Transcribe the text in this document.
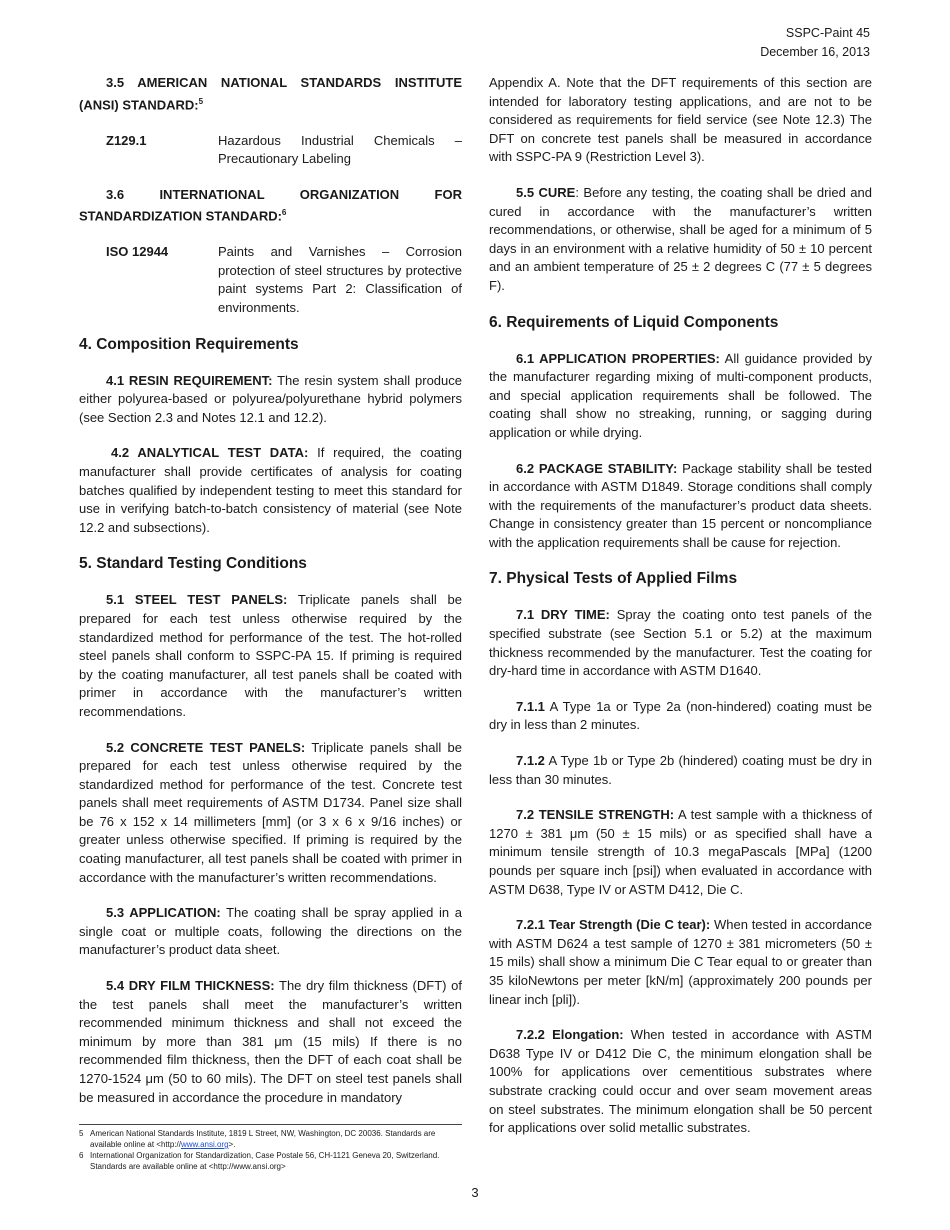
SSPC-Paint 45
December 16, 2013

3.5 AMERICAN NATIONAL STANDARDS INSTITUTE (ANSI) STANDARD:$^5$

Z129.1	Hazardous Industrial Chemicals – Precautionary Labeling

3.6 INTERNATIONAL ORGANIZATION FOR STANDARDIZATION STANDARD:$^6$

ISO 12944	Paints and Varnishes – Corrosion protection of steel structures by protective paint systems Part 2: Classification of environments.
4. Composition Requirements

4.1 RESIN REQUIREMENT: The resin system shall produce either polyurea-based or polyurea/polyurethane hybrid polymers (see Section 2.3 and Notes 12.1 and 12.2).

4.2 ANALYTICAL TEST DATA: If required, the coating manufacturer shall provide certificates of analysis for coating batches qualified by independent testing to meet this standard for use in verifying batch-to-batch consistency of material (see Note 12.2 and subsections).

5. Standard Testing Conditions

5.1 STEEL TEST PANELS: Triplicate panels shall be prepared for each test unless otherwise required by the standardized method for performance of the test. The hot-rolled steel panels shall conform to SSPC-PA 15. If priming is required by the coating manufacturer, all test panels shall be coated with primer in accordance with the manufacturer’s written recommendations.

5.2 CONCRETE TEST PANELS: Triplicate panels shall be prepared for each test unless otherwise required by the standardized method for performance of the test. Concrete test panels shall meet requirements of ASTM D1734. Panel size shall be 76 x 152 x 14 millimeters [mm] (or 3 x 6 x 9/16 inches) or greater unless otherwise specified. If priming is required by the coating manufacturer, all test panels shall be coated with primer in accordance with the manufacturer’s written recommendations.

5.3 APPLICATION: The coating shall be spray applied in a single coat or multiple coats, following the directions on the manufacturer’s product data sheet.

5.4 DRY FILM THICKNESS: The dry film thickness (DFT) of the test panels shall meet the manufacturer’s written recommended minimum thickness and shall not exceed the minimum by more than 381 μm (15 mils) If there is no recommended film thickness, then the DFT of each coat shall be 1270-1524 μm (50 to 60 mils). The DFT on steel test panels shall be measured in accordance the procedure in mandatory

Appendix A. Note that the DFT requirements of this section are intended for laboratory testing applications, and are not to be considered as requirements for field service (see Note 12.3) The DFT on concrete test panels shall be measured in accordance with SSPC-PA 9 (Restriction Level 3).

5.5 CURE: Before any testing, the coating shall be dried and cured in accordance with the manufacturer’s written recommendations, or otherwise, shall be aged for a minimum of 5 days in an environment with a relative humidity of 50 ± 10 percent and an ambient temperature of 25 ± 2 degrees C (77 ± 5 degrees F).

6. Requirements of Liquid Components

6.1 APPLICATION PROPERTIES: All guidance provided by the manufacturer regarding mixing of multi-component products, and special application requirements shall be followed. The coating shall show no streaking, running, or sagging during application or while drying.

6.2 PACKAGE STABILITY: Package stability shall be tested in accordance with ASTM D1849. Storage conditions shall comply with the requirements of the manufacturer’s product data sheets. Change in consistency greater than 15 percent or noncompliance with the application requirements shall be cause for rejection.

7. Physical Tests of Applied Films

7.1 DRY TIME: Spray the coating onto test panels of the specified substrate (see Section 5.1 or 5.2) at the maximum thickness recommended by the manufacturer. Test the coating for dry-hard time in accordance with ASTM D1640.

7.1.1 A Type 1a or Type 2a (non-hindered) coating must be dry in less than 2 minutes.

7.1.2 A Type 1b or Type 2b (hindered) coating must be dry in less than 30 minutes.

7.2 TENSILE STRENGTH: A test sample with a thickness of 1270 ± 381 μm (50 ± 15 mils) or as specified shall have a minimum tensile strength of 10.3 megaPascals [MPa] (1200 pounds per square inch [psi]) when evaluated in accordance with ASTM D638, Type IV or ASTM D412, Die C.

7.2.1 Tear Strength (Die C tear): When tested in accordance with ASTM D624 a test sample of 1270 ± 381 micrometers (50 ± 15 mils) shall show a minimum Die C Tear equal to or greater than 35 kiloNewtons per meter [kN/m] (approximately 200 pounds per linear inch [pli]).

7.2.2 Elongation: When tested in accordance with ASTM D638 Type IV or D412 Die C, the minimum elongation shall be 100% for applications over cementitious substrates where substrate cracking could occur and over seam movement areas on steel substrates. The minimum elongation shall be 50 percent for applications over solid metallic substrates.

5 American National Standards Institute, 1819 L Street, NW, Washington, DC 20036. Standards are available online at <http://www.ansi.org>.
6 International Organization for Standardization, Case Postale 56, CH-1121 Geneva 20, Switzerland. Standards are available online at <http://www.ansi.org>
3
